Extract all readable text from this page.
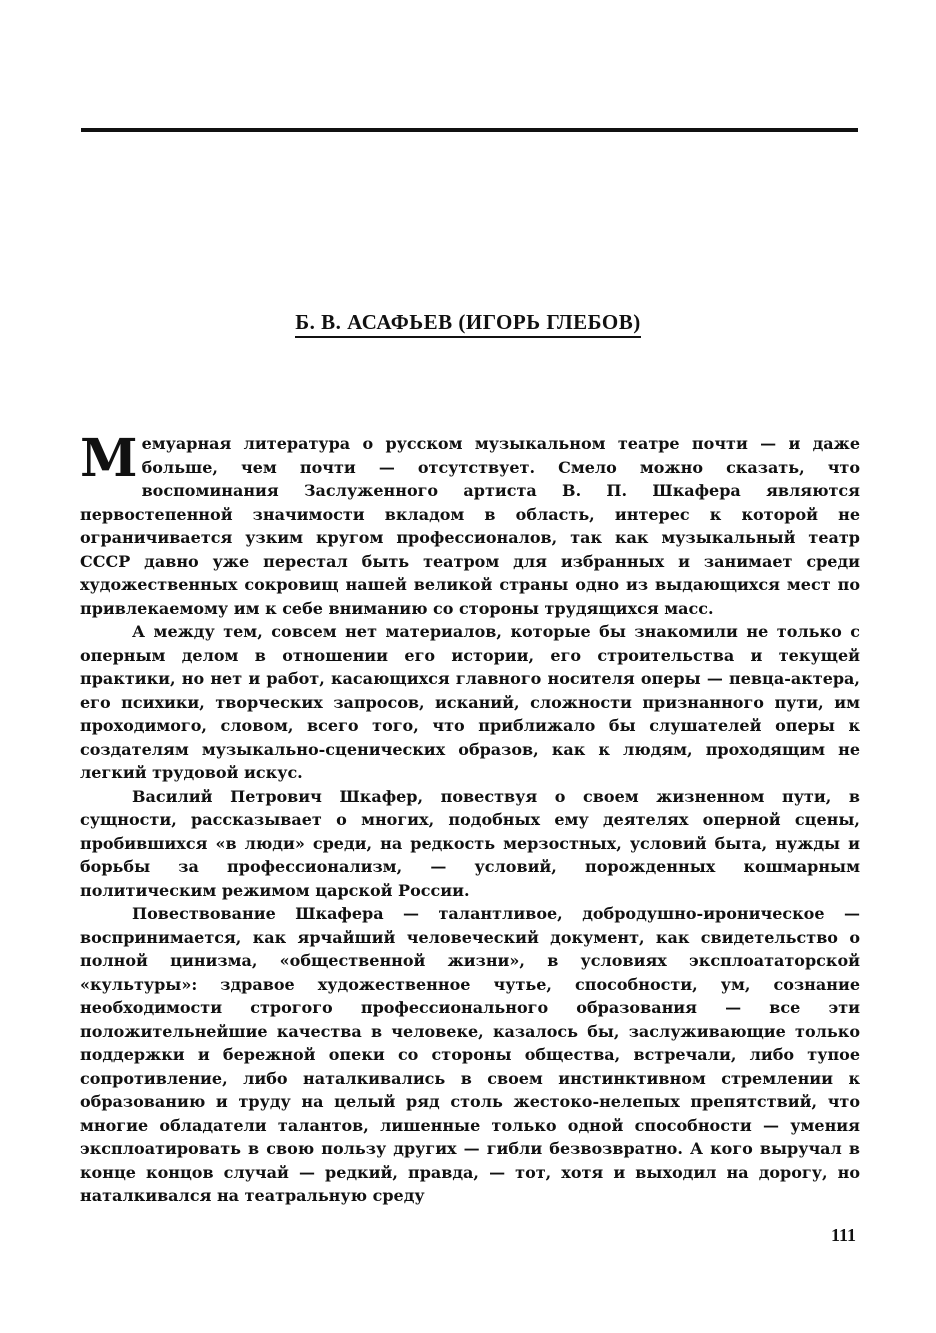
Б. В. АСАФЬЕВ (ИГОРЬ ГЛЕБОВ)

Мемуарная литература о русском музыкальном театре почти — и даже больше, чем почти — отсутствует. Смело можно сказать, что воспоминания Заслуженного артиста В. П. Шкафера являются первостепенной значимости вкладом в область, интерес к которой не ограничивается узким кругом профессионалов, так как музыкальный театр СССР давно уже перестал быть театром для избранных и занимает среди художественных сокровищ нашей великой страны одно из выдающихся мест по привлекаемому им к себе вниманию со стороны трудящихся масс.

А между тем, совсем нет материалов, которые бы знакомили не только с оперным делом в отношении его истории, его строительства и текущей практики, но нет и работ, касающихся главного носителя оперы — певца-актера, его психики, творческих запросов, исканий, сложности признанного пути, им проходимого, словом, всего того, что приближало бы слушателей оперы к создателям музыкально-сценических образов, как к людям, проходящим не легкий трудовой искус.

Василий Петрович Шкафер, повествуя о своем жизненном пути, в сущности, рассказывает о многих, подобных ему деятелях оперной сцены, пробившихся «в люди» среди, на редкость мерзостных, условий быта, нужды и борьбы за профессионализм, — условий, порожденных кошмарным политическим режимом царской России.

Повествование Шкафера — талантливое, добродушно-ироническое — воспринимается, как ярчайший человеческий документ, как свидетельство о полной цинизма, «общественной жизни», в условиях эксплоататорской «культуры»: здравое художественное чутье, способности, ум, сознание необходимости строгого профессионального образования — все эти положительнейшие качества в человеке, казалось бы, заслуживающие только поддержки и бережной опеки со стороны общества, встречали, либо тупое сопротивление, либо наталкивались в своем инстинктивном стремлении к образованию и труду на целый ряд столь жестоко-нелепых препятствий, что многие обладатели талантов, лишенные только одной способности — умения эксплоатировать в свою пользу других — гибли безвозвратно. А кого выручал в конце концов случай — редкий, правда, — тот, хотя и выходил на дорогу, но наталкивался на театральную среду

111
